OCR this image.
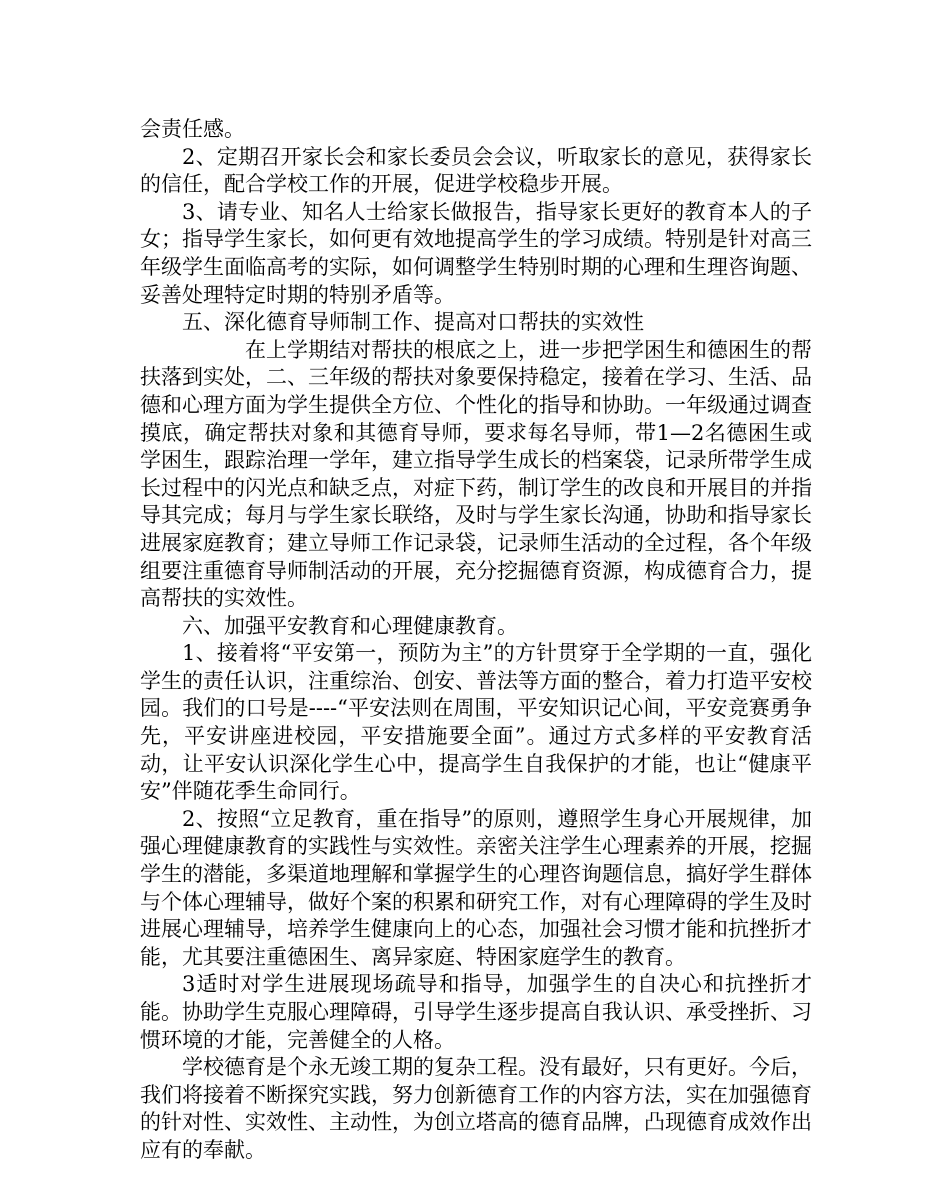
会责任感。

2、定期召开家长会和家长委员会会议，听取家长的意见，获得家长的信任，配合学校工作的开展，促进学校稳步开展。

3、请专业、知名人士给家长做报告，指导家长更好的教育本人的子女；指导学生家长，如何更有效地提高学生的学习成绩。特别是针对高三年级学生面临高考的实际，如何调整学生特别时期的心理和生理咨询题、妥善处理特定时期的特别矛盾等。

五、深化德育导师制工作、提高对口帮扶的实效性

在上学期结对帮扶的根底之上，进一步把学困生和德困生的帮扶落到实处，二、三年级的帮扶对象要保持稳定，接着在学习、生活、品德和心理方面为学生提供全方位、个性化的指导和协助。一年级通过调查摸底，确定帮扶对象和其德育导师，要求每名导师，带1—2名德困生或学困生，跟踪治理一学年，建立指导学生成长的档案袋，记录所带学生成长过程中的闪光点和缺乏点，对症下药，制订学生的改良和开展目的并指导其完成；每月与学生家长联络，及时与学生家长沟通，协助和指导家长进展家庭教育；建立导师工作记录袋，记录师生活动的全过程，各个年级组要注重德育导师制活动的开展，充分挖掘德育资源，构成德育合力，提高帮扶的实效性。

六、加强平安教育和心理健康教育。

1、接着将“平安第一，预防为主”的方针贯穿于全学期的一直，强化学生的责任认识，注重综治、创安、普法等方面的整合，着力打造平安校园。我们的口号是----“平安法则在周围，平安知识记心间，平安竞赛勇争先，平安讲座进校园，平安措施要全面”。通过方式多样的平安教育活动，让平安认识深化学生心中，提高学生自我保护的才能，也让“健康平安”伴随花季生命同行。

2、按照“立足教育，重在指导”的原则，遵照学生身心开展规律，加强心理健康教育的实践性与实效性。亲密关注学生心理素养的开展，挖掘学生的潜能，多渠道地理解和掌握学生的心理咨询题信息，搞好学生群体与个体心理辅导，做好个案的积累和研究工作，对有心理障碍的学生及时进展心理辅导，培养学生健康向上的心态，加强社会习惯才能和抗挫折才能，尤其要注重德困生、离异家庭、特困家庭学生的教育。

3适时对学生进展现场疏导和指导，加强学生的自决心和抗挫折才能。协助学生克服心理障碍，引导学生逐步提高自我认识、承受挫折、习惯环境的才能，完善健全的人格。

学校德育是个永无竣工期的复杂工程。没有最好，只有更好。今后，我们将接着不断探究实践，努力创新德育工作的内容方法，实在加强德育的针对性、实效性、主动性，为创立塔高的德育品牌，凸现德育成效作出应有的奉献。
